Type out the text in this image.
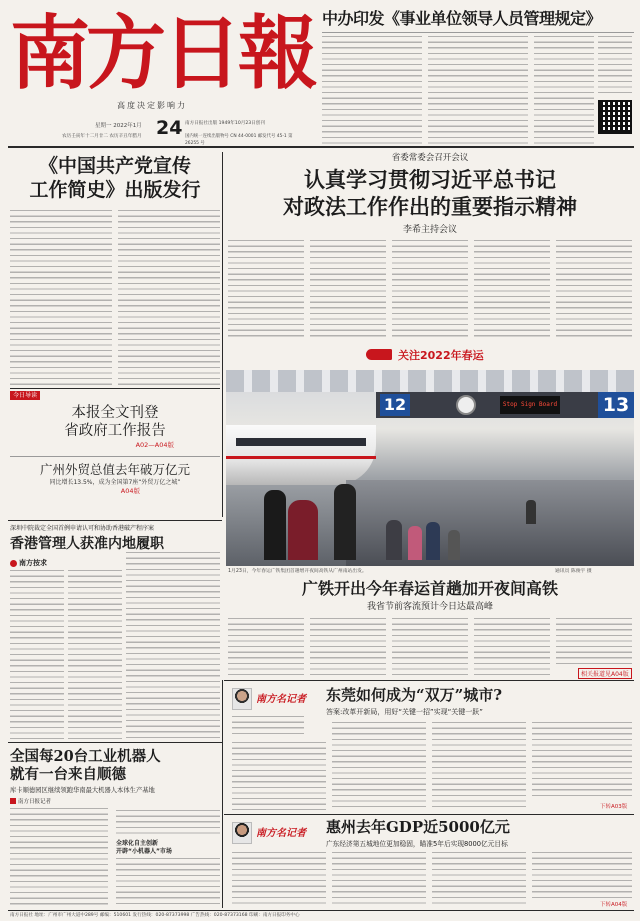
南方日報
高度决定影响力
星期一 2022年1月 24 南方日报社出版 1949年10月23日创刊
农历壬寅年十二月廿二 农历辛丑年腊月	国内统一连续出版物号 CN 44-0001 邮发代号 45-1 第 26255 号
中办印发《事业单位领导人员管理规定》
《中国共产党宣传
工作简史》出版发行
今日导读
本报全文刊登
省政府工作报告
A02—A04版
广州外贸总值去年破万亿元
同比增长13.5%，成为全国第7座“外贸万亿之城”
A04版
省委常委会召开会议
认真学习贯彻习近平总书记
对政法工作作出的重要指示精神
李希主持会议
关注2022年春运
12	Stop Sign Board 13
1月23日，今年春运广铁集团首趟增开夜间高铁从广州南站出发。	通讯员 陈俊宇 摄
广铁开出今年春运首趟加开夜间高铁
我省节前客流预计今日达最高峰
相关报道见A04版
深圳中院裁定全国首例申请认可和协助香港破产程序案
香港管理人获准内地履职
南方按求
全国每20台工业机器人
就有一台来自顺德
库卡顺德园区继续领跑华南最大机器人本体生产基地
南方日报记者
全球化自主创新
开辟“小机器人”市场
南方名记者 东莞如何成为“双万”城市?
答案:改革开新局，用好“关键一招”实现“关键一跃”
下转A03版
南方名记者 惠州去年GDP近5000亿元
广东经济第五城地位更加稳固，瞄准5年后实现8000亿元目标
下转A04版
南方日报社 地址：广州市广州大道中289号 邮编：510601 发行热线：020-87373998 广告热线：020-87373168 印刷：南方日报印务中心
